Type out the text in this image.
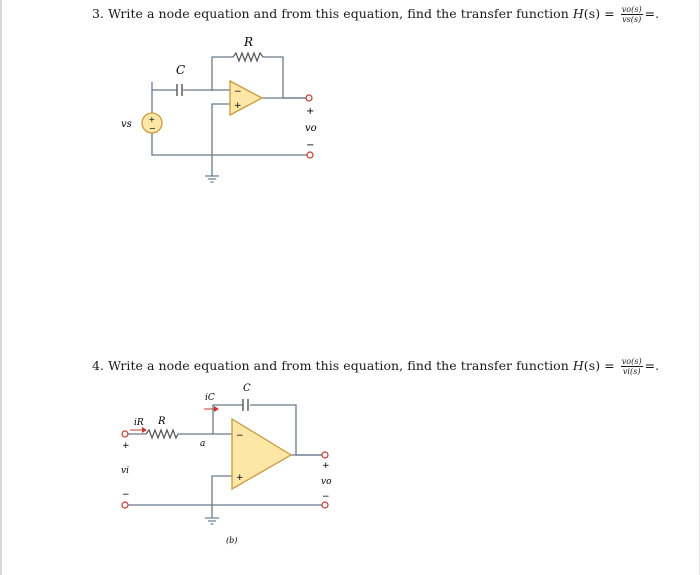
3. Write a node equation and from this equation, find the transfer function $H(s) = \frac{vo(s)}{vs(s)}$ =.
R
C
+
−
vs
−
+	+
vo
−
4. Write a node equation and from this equation, find the transfer function $H(s) = \frac{vo(s)}{vi(s)}$ =.
R
iR
C
iC
a
−
+
+
vi
−
+
vo
−
(b)
